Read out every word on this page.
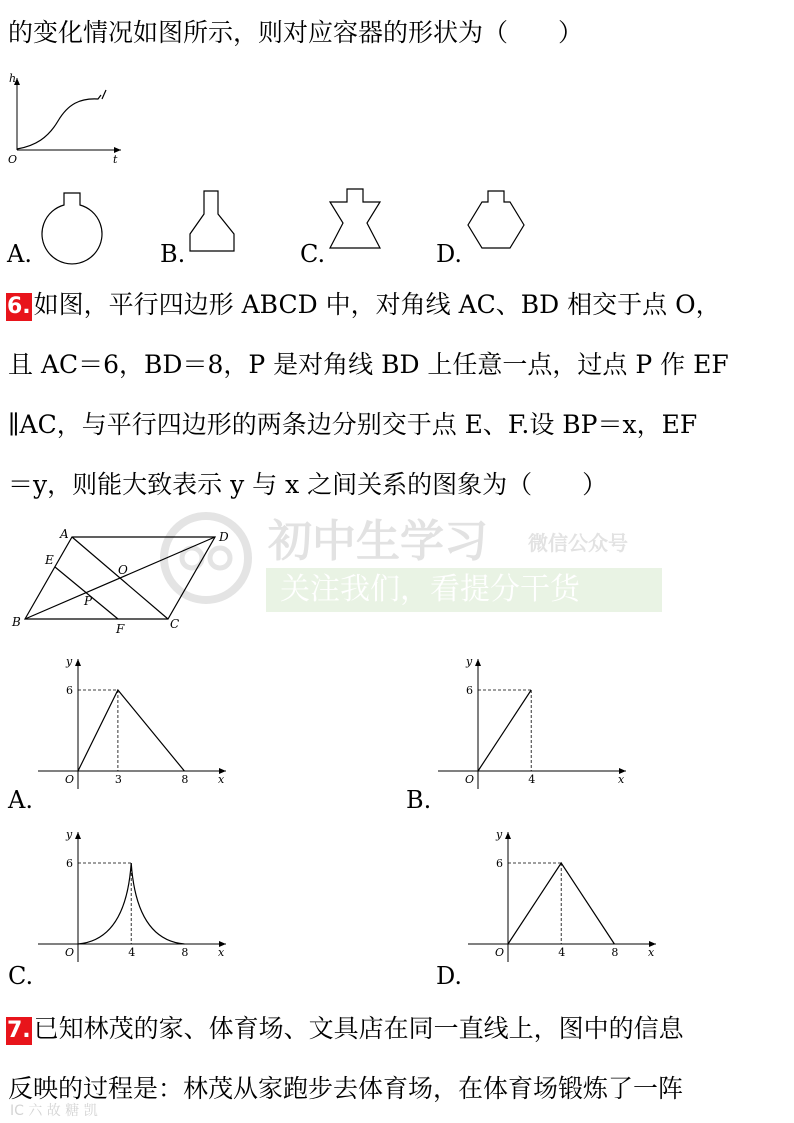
的变化情况如图所示，则对应容器的形状为（　　）
h
t
O
A.	B.	C.	D.
6. 如图，平行四边形 ABCD 中，对角线 AC、BD 相交于点 O，
且 AC＝6，BD＝8，P 是对角线 BD 上任意一点，过点 P 作 EF
∥AC，与平行四边形的两条边分别交于点 E、F.设 BP＝x，EF
＝y，则能大致表示 y 与 x 之间关系的图象为（　　）
初中生学习 微信公众号
关注我们，看提分干货
A	D
E
O
P
B	F	C
y
x
O
6
3	8
A.
y
x
O
6
4
B.
y
x
O
6
4	8
C.
y
x
O
6
4	8
D.
7. 已知林茂的家、体育场、文具店在同一直线上，图中的信息
反映的过程是：林茂从家跑步去体育场，在体育场锻炼了一阵
IC 六 故 糖 凯
